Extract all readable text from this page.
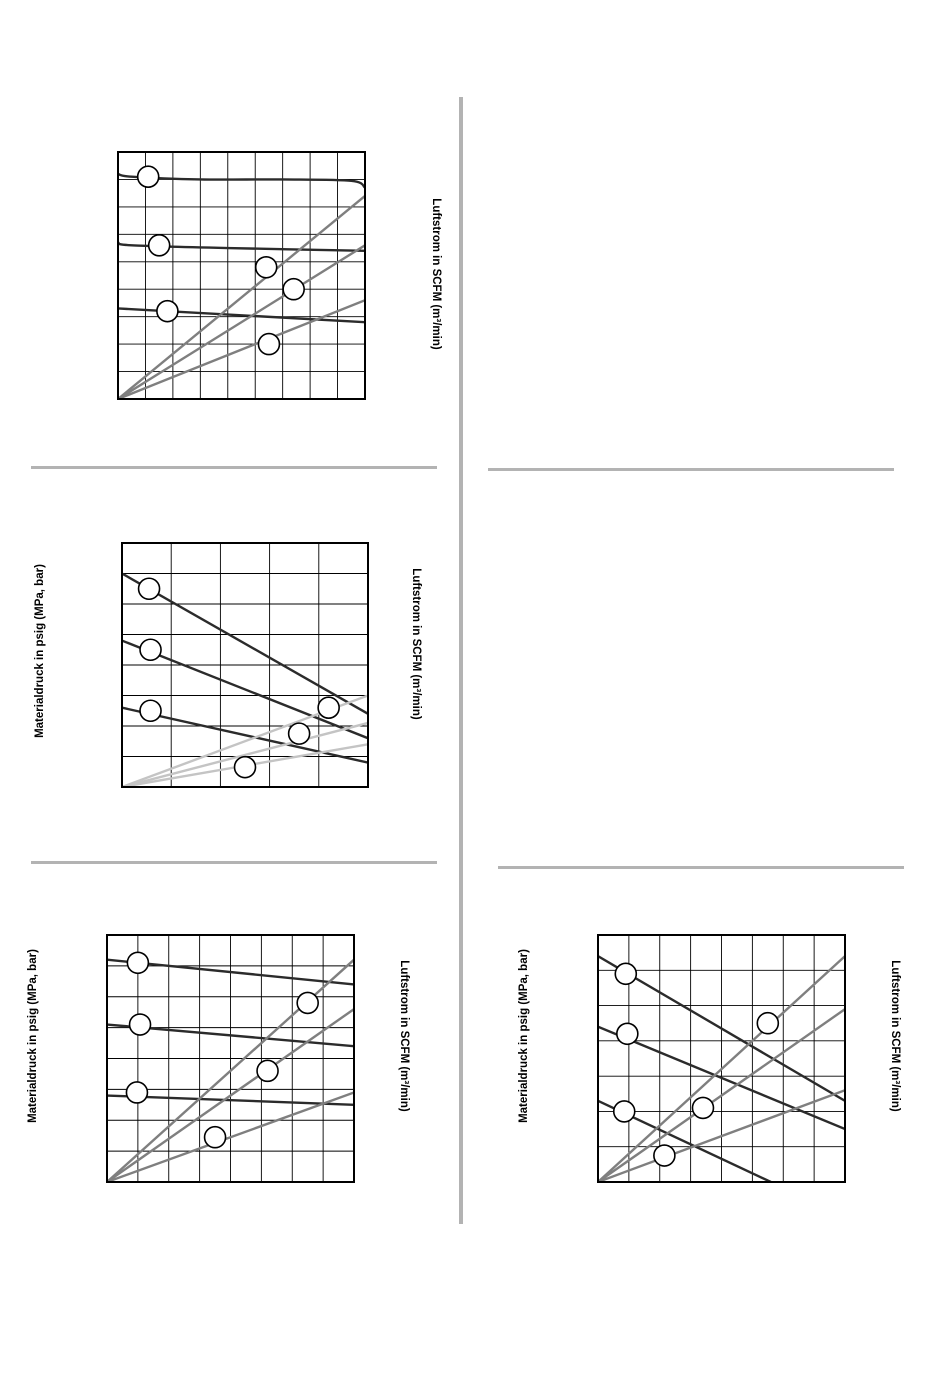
Luftstrom in SCFM (m³/min)
Materialdruck in psig (MPa, bar)	Luftstrom in SCFM (m³/min)
Materialdruck in psig (MPa, bar)	Luftstrom in SCFM (m³/min)	Materialdruck in psig (MPa, bar)	Luftstrom in SCFM (m³/min)
